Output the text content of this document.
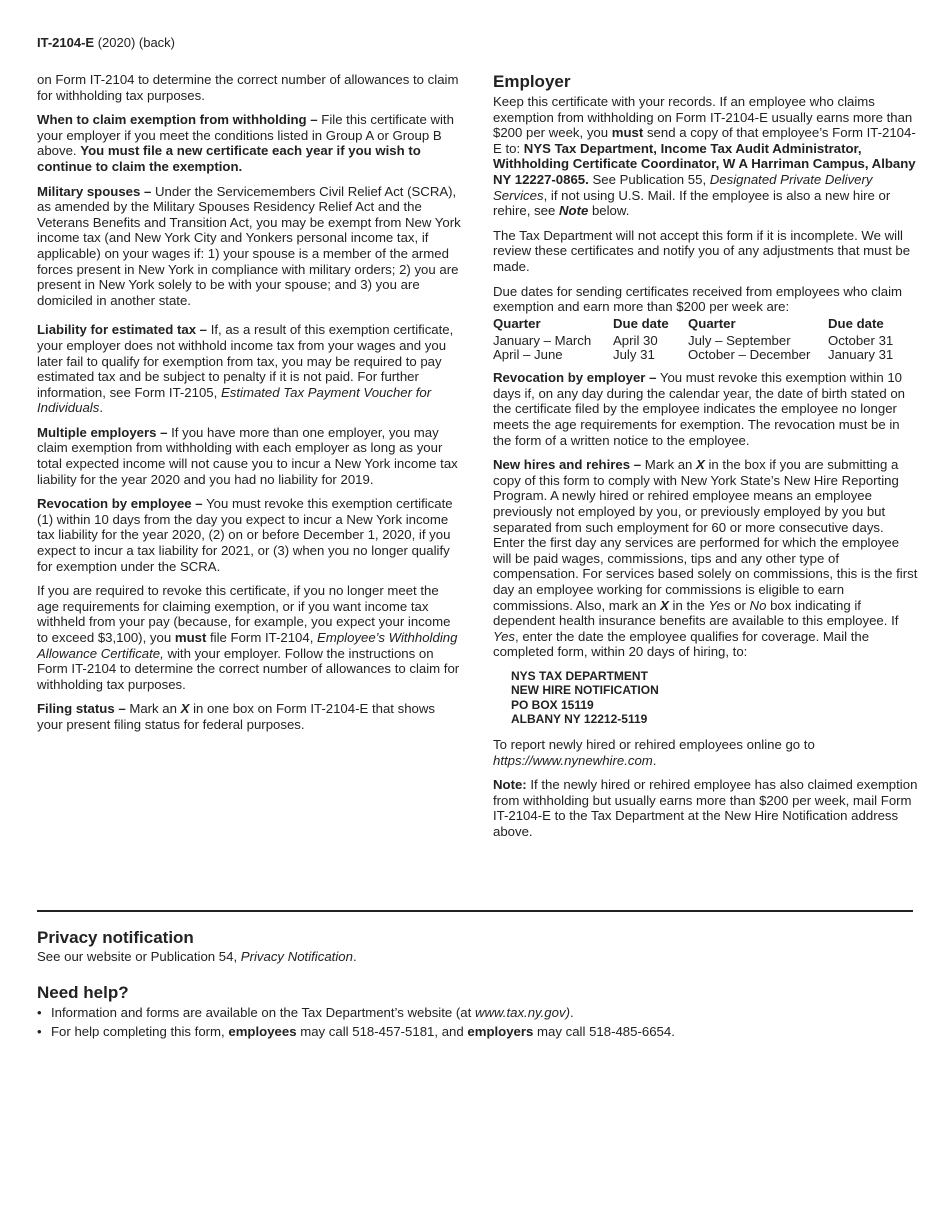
IT-2104-E (2020) (back)

on Form IT-2104 to determine the correct number of allowances to claim for withholding tax purposes.

When to claim exemption from withholding – File this certificate with your employer if you meet the conditions listed in Group A or Group B above. You must file a new certificate each year if you wish to continue to claim the exemption.

Military spouses – Under the Servicemembers Civil Relief Act (SCRA), as amended by the Military Spouses Residency Relief Act and the Veterans Benefits and Transition Act, you may be exempt from New York income tax (and New York City and Yonkers personal income tax, if applicable) on your wages if: 1) your spouse is a member of the armed forces present in New York in compliance with military orders; 2) you are present in New York solely to be with your spouse; and 3) you are domiciled in another state.

Liability for estimated tax – If, as a result of this exemption certificate, your employer does not withhold income tax from your wages and you later fail to qualify for exemption from tax, you may be required to pay estimated tax and be subject to penalty if it is not paid. For further information, see Form IT-2105, Estimated Tax Payment Voucher for Individuals.

Multiple employers – If you have more than one employer, you may claim exemption from withholding with each employer as long as your total expected income will not cause you to incur a New York income tax liability for the year 2020 and you had no liability for 2019.

Revocation by employee – You must revoke this exemption certificate (1) within 10 days from the day you expect to incur a New York income tax liability for the year 2020, (2) on or before December 1, 2020, if you expect to incur a tax liability for 2021, or (3) when you no longer qualify for exemption under the SCRA.

If you are required to revoke this certificate, if you no longer meet the age requirements for claiming exemption, or if you want income tax withheld from your pay (because, for example, you expect your income to exceed $3,100), you must file Form IT-2104, Employee’s Withholding Allowance Certificate, with your employer. Follow the instructions on Form IT-2104 to determine the correct number of allowances to claim for withholding tax purposes.

Filing status – Mark an X in one box on Form IT-2104-E that shows your present filing status for federal purposes.

Employer

Keep this certificate with your records. If an employee who claims exemption from withholding on Form IT-2104-E usually earns more than $200 per week, you must send a copy of that employee’s Form IT-2104-E to: NYS Tax Department, Income Tax Audit Administrator, Withholding Certificate Coordinator, W A Harriman Campus, Albany NY 12227-0865. See Publication 55, Designated Private Delivery Services, if not using U.S. Mail. If the employee is also a new hire or rehire, see Note below.

The Tax Department will not accept this form if it is incomplete. We will review these certificates and notify you of any adjustments that must be made.

Due dates for sending certificates received from employees who claim exemption and earn more than $200 per week are:

Quarter	Due date	Quarter	Due date
January – March	April 30	July – September	October 31
April – June	July 31	October – December	January 31

Revocation by employer – You must revoke this exemption within 10 days if, on any day during the calendar year, the date of birth stated on the certificate filed by the employee indicates the employee no longer meets the age requirements for exemption. The revocation must be in the form of a written notice to the employee.

New hires and rehires – Mark an X in the box if you are submitting a copy of this form to comply with New York State’s New Hire Reporting Program. A newly hired or rehired employee means an employee previously not employed by you, or previously employed by you but separated from such employment for 60 or more consecutive days. Enter the first day any services are performed for which the employee will be paid wages, commissions, tips and any other type of compensation. For services based solely on commissions, this is the first day an employee working for commissions is eligible to earn commissions. Also, mark an X in the Yes or No box indicating if dependent health insurance benefits are available to this employee. If Yes, enter the date the employee qualifies for coverage. Mail the completed form, within 20 days of hiring, to:

NYS TAX DEPARTMENT
NEW HIRE NOTIFICATION
PO BOX 15119
ALBANY NY 12212-5119

To report newly hired or rehired employees online go to https://www.nynewhire.com.

Note: If the newly hired or rehired employee has also claimed exemption from withholding but usually earns more than $200 per week, mail Form IT-2104-E to the Tax Department at the New Hire Notification address above.

Privacy notification

See our website or Publication 54, Privacy Notification.

Need help?
• Information and forms are available on the Tax Department’s website (at www.tax.ny.gov).
• For help completing this form, employees may call 518-457-5181, and employers may call 518-485-6654.
